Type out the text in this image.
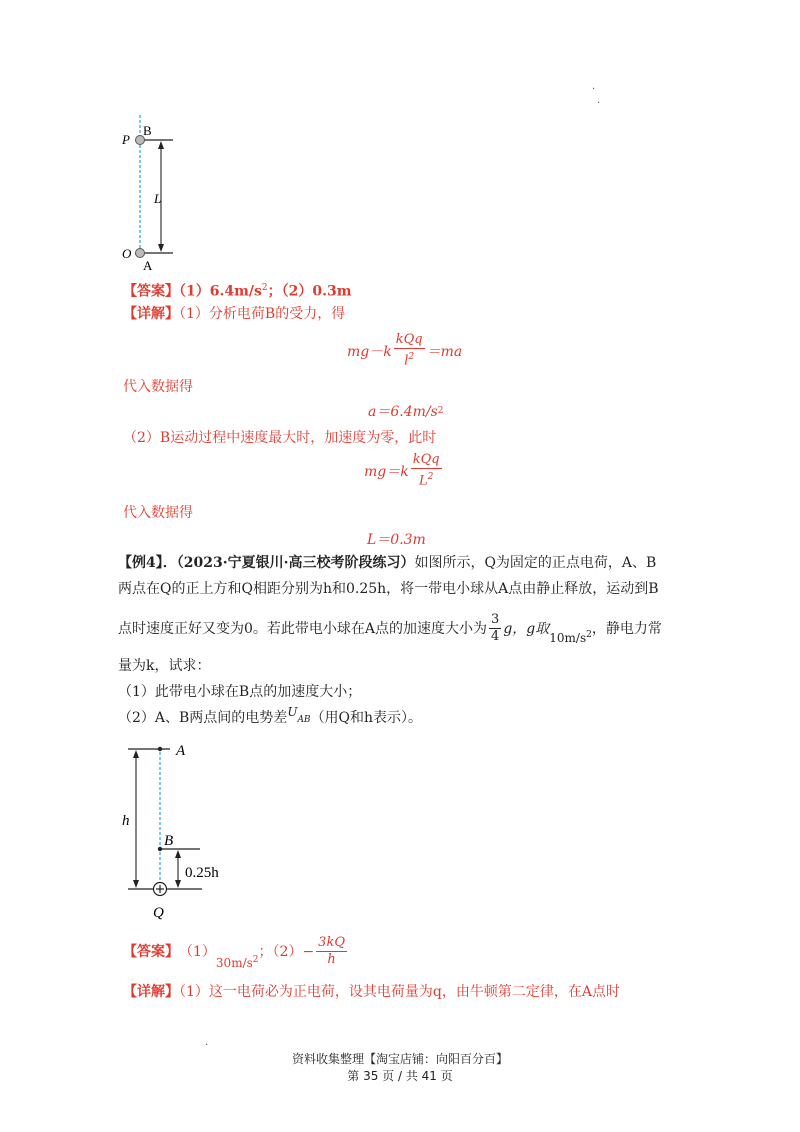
·
·
·
B
P
L
O
A
【答案】$(1)6.4m/s^2$；（2）0.3m
【详解】（1）分析电荷B的受力，得
$mg-k \frac{\text{kQq}}{l^2} =ma$
代入数据得
a＝6.4m/s 2
（2）B运动过程中速度最大时，加速度为零，此时
$mg=k \frac{\text{kQq}}{L^2}$
代入数据得
L＝0.3m
【例4】．（2023·宁夏银川·高三校考阶段练习）如图所示，Q为固定的正点电荷，A、B
两点在Q的正上方和Q相距分别为h和0.25h，将一带电小球从A点由静止释放，运动到B
点时速度正好又变为0。若此带电小球在A点的加速度大小为 $\frac{3}{4}$ g，g取
$10m/s^2$ ，静电力常
量为k，试求：
（1）此带电小球在B点的加速度大小；
（2）A、B两点间的电势差$U_{AB}$（用Q和h表示）。
A
h
B
0.25h
Q
【答案】 （1）
$30m/s^2$
；$(2) - \frac{3kQ}{h}$
【详解】（1）这一电荷必为正电荷，设其电荷量为q，由牛顿第二定律，在A点时
资料收集整理【淘宝店铺：向阳百分百】
第 35 页 / 共 41 页
